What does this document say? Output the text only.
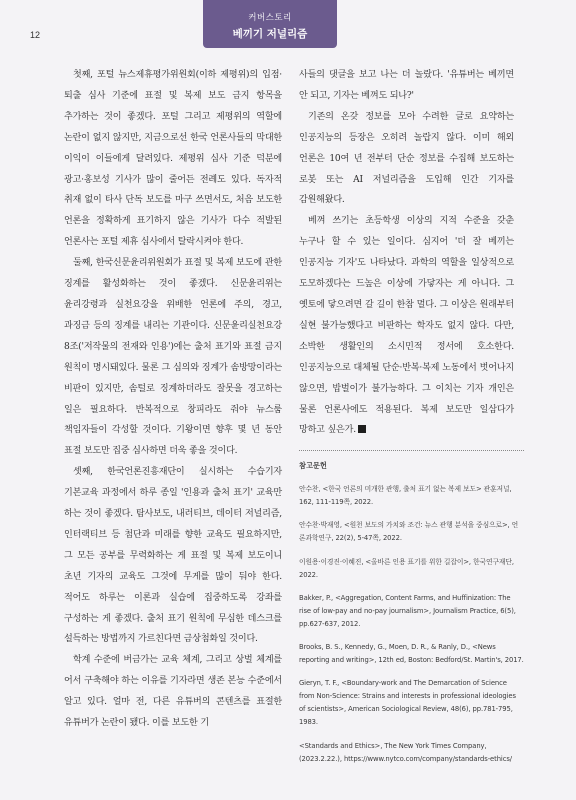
12
커버스토리
베끼기 저널리즘

첫째, 포털 뉴스제휴평가위원회(이하 제평위)의 입점·퇴출 심사 기준에 표절 및 복제 보도 금지 항목을 추가하는 것이 좋겠다. 포털 그리고 제평위의 역할에 논란이 없지 않지만, 지금으로선 한국 언론사들의 막대한 이익이 이들에게 달려있다. 제평위 심사 기준 덕분에 광고·홍보성 기사가 많이 줄어든 전례도 있다. 독자적 취재 없이 타사 단독 보도를 마구 쓰면서도, 처음 보도한 언론을 정확하게 표기하지 않은 기사가 다수 적발된 언론사는 포털 제휴 심사에서 탈락시켜야 한다.

둘째, 한국신문윤리위원회가 표절 및 복제 보도에 관한 징계를 활성화하는 것이 좋겠다. 신문윤리위는 윤리강령과 실천요강을 위배한 언론에 주의, 경고, 과징금 등의 징계를 내리는 기관이다. 신문윤리실천요강 8조('저작물의 전재와 인용')에는 출처 표기와 표절 금지 원칙이 명시돼있다. 물론 그 심의와 징계가 솜방망이라는 비판이 있지만, 솜털로 징계하더라도 잘못을 경고하는 일은 필요하다. 반복적으로 창피라도 줘야 뉴스룸 책임자들이 각성할 것이다. 기왕이면 향후 몇 년 동안 표절 보도만 집중 심사하면 더욱 좋을 것이다.

셋째, 한국언론진흥재단이 실시하는 수습기자 기본교육 과정에서 하루 종일 '인용과 출처 표기' 교육만 하는 것이 좋겠다. 탐사보도, 내러티브, 데이터 저널리즘, 인터랙티브 등 첨단과 미래를 향한 교육도 필요하지만, 그 모든 공부를 무력화하는 게 표절 및 복제 보도이니 초년 기자의 교육도 그것에 무게를 많이 둬야 한다. 적어도 하루는 이론과 실습에 집중하도록 강좌를 구성하는 게 좋겠다. 출처 표기 원칙에 무심한 데스크를 설득하는 방법까지 가르친다면 금상첨화일 것이다.

학계 수준에 버금가는 교육 체계, 그리고 상벌 체계를 어서 구축해야 하는 이유를 기자라면 생존 본능 수준에서 알고 있다. 얼마 전, 다른 유튜버의 콘텐츠를 표절한 유튜버가 논란이 됐다. 이를 보도한 기

사들의 댓글을 보고 나는 더 놀랐다. '유튜버는 베끼면 안 되고, 기자는 베껴도 되나?'

기존의 온갖 정보를 모아 수려한 글로 요약하는 인공지능의 등장은 오히려 놀랍지 않다. 이미 해외 언론은 10여 년 전부터 단순 정보를 수집해 보도하는 로봇 또는 AI 저널리즘을 도입해 인간 기자를 감원해왔다.

베껴 쓰기는 초등학생 이상의 지적 수준을 갖춘 누구나 할 수 있는 일이다. 심지어 '더 잘 베끼는 인공지능 기자'도 나타났다. 과학의 역할을 일상적으로 도모하겠다는 드높은 이상에 가닿자는 게 아니다. 그 옛토에 닿으려면 갈 길이 한참 멀다. 그 이상은 원래부터 실현 불가능했다고 비판하는 학자도 없지 않다. 다만, 소박한 생활인의 소시민적 정서에 호소한다. 인공지능으로 대체될 단순·반복·복제 노동에서 벗어나지 않으면, 밥벌이가 불가능하다. 그 이치는 기자 개인은 물론 언론사에도 적용된다. 복제 보도만 일삼다가 망하고 싶은가.

참고문헌

안수찬, <한국 언론의 미개한 관행, 출처 표기 없는 복제 보도> 관훈저널, 162, 111-119쪽, 2022.

안수찬·박재영, <원천 보도의 가치와 조건: 뉴스 관행 분석을 중심으로>, 언론과학연구, 22(2), 5-47쪽, 2022.

이원용·이경진·이혜진, <올바른 인용 표기를 위한 길잡이>, 한국연구재단, 2022.

Bakker, P., <Aggregation, Content Farms, and Huffinization: The rise of low-pay and no-pay journalism>, Journalism Practice, 6(5), pp.627-637, 2012.

Brooks, B. S., Kennedy, G., Moen, D. R., & Ranly, D., <News reporting and writing>, 12th ed, Boston: Bedford/St. Martin's, 2017.

Gieryn, T. F., <Boundary-work and The Demarcation of Science from Non-Science: Strains and interests in professional ideologies of scientists>, American Sociological Review, 48(6), pp.781-795, 1983.

<Standards and Ethics>, The New York Times Company, (2023.2.22.), https://www.nytco.com/company/standards-ethics/
